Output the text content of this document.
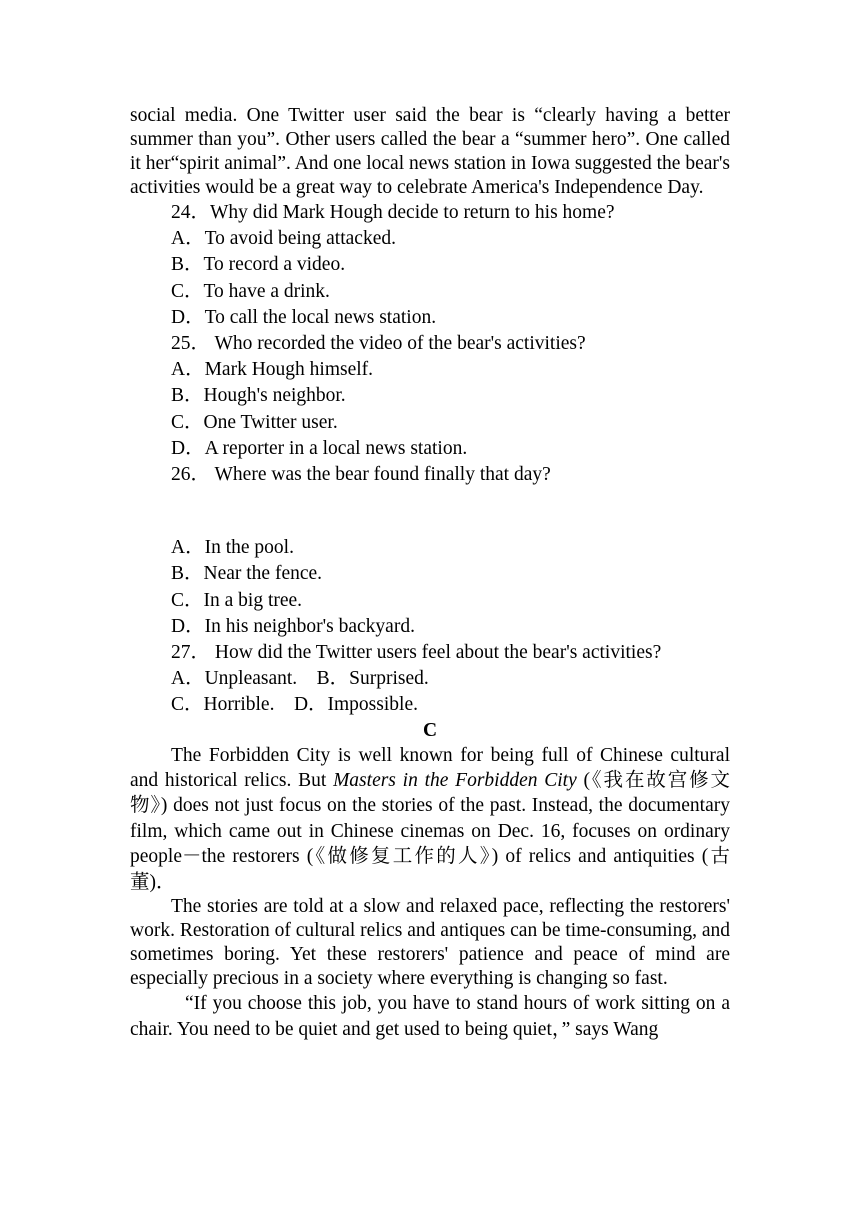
social media. One Twitter user said the bear is “clearly having a better summer than you”. Other users called the bear a “summer hero”. One called it her“spirit animal”. And one local news station in Iowa suggested the bear's activities would be a great way to celebrate America's Independence Day.

24．Why did Mark Hough decide to return to his home?

A．To avoid being attacked.

B．To record a video.

C．To have a drink.

D．To call the local news station.

25． Who recorded the video of the bear's activities?

A．Mark Hough himself.

B．Hough's neighbor.

C．One Twitter user.

D．A reporter in a local news station.

26． Where was the bear found finally that day?

A．In the pool.

B．Near the fence.

C．In a big tree.

D．In his neighbor's backyard.

27． How did the Twitter users feel about the bear's activities?

A．Unpleasant.　B．Surprised.

C．Horrible.　D．Impossible.

C

The Forbidden City is well known for being full of Chinese cultural and historical relics. But Masters in the Forbidden City (《我在故宫修文物》) does not just focus on the stories of the past. Instead, the documentary film, which came out in Chinese cinemas on Dec. 16, focuses on ordinary people－the restorers (《做修复工作的人》) of relics and antiquities (古董)．

The stories are told at a slow and relaxed pace, reflecting the restorers' work. Restoration of cultural relics and antiques can be time-consuming, and sometimes boring. Yet these restorers' patience and peace of mind are especially precious in a society where everything is changing so fast.

“If you choose this job, you have to stand hours of work sitting on a chair. You need to be quiet and get used to being quiet，” says Wang
